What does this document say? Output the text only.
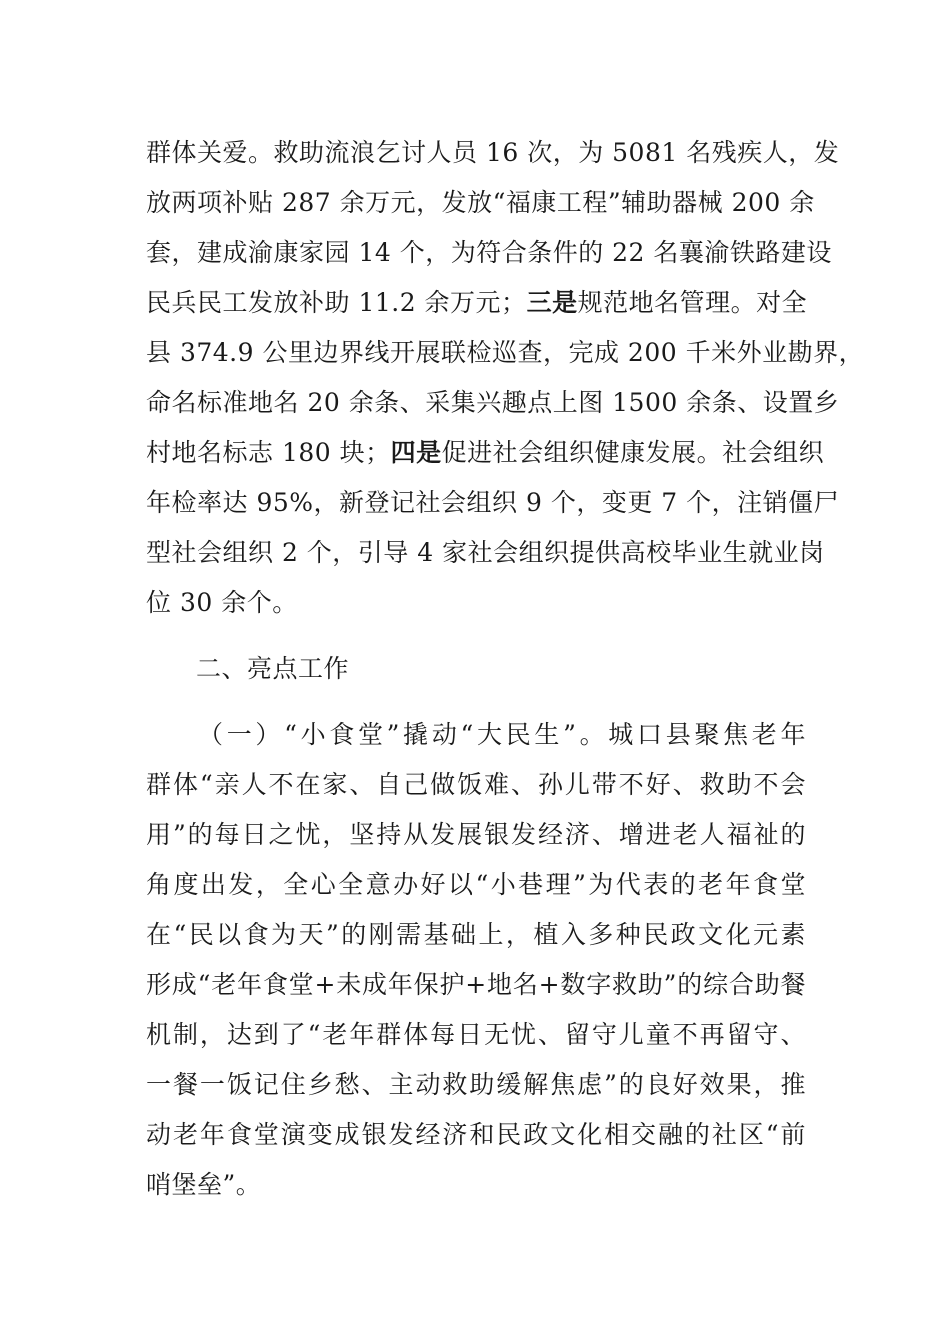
群体关爱。救助流浪乞讨人员 16 次，为 5081 名残疾人，发
放两项补贴 287 余万元，发放“福康工程”辅助器械 200 余
套，建成渝康家园 14 个，为符合条件的 22 名襄渝铁路建设
民兵民工发放补助 11.2 余万元；三是规范地名管理。对全
县 374.9 公里边界线开展联检巡查，完成 200 千米外业勘界，
命名标准地名 20 余条、采集兴趣点上图 1500 余条、设置乡
村地名标志 180 块；四是促进社会组织健康发展。社会组织
年检率达 95%，新登记社会组织 9 个，变更 7 个，注销僵尸
型社会组织 2 个，引导 4 家社会组织提供高校毕业生就业岗
位 30 余个。
二、亮点工作
（一）“小食堂”撬动“大民生”。城口县聚焦老年
群体“亲人不在家、自己做饭难、孙儿带不好、救助不会
用”的每日之忧，坚持从发展银发经济、增进老人福祉的
角度出发，全心全意办好以“小巷理”为代表的老年食堂
在“民以食为天”的刚需基础上，植入多种民政文化元素
形成“老年食堂+未成年保护+地名+数字救助”的综合助餐
机制，达到了“老年群体每日无忧、留守儿童不再留守、
一餐一饭记住乡愁、主动救助缓解焦虑”的良好效果，推
动老年食堂演变成银发经济和民政文化相交融的社区“前
哨堡垒”。
